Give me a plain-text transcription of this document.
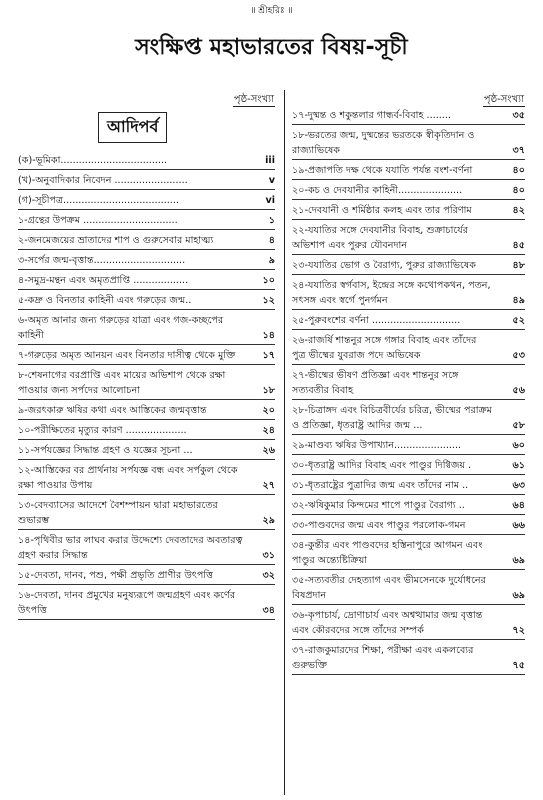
॥ শ্রীহরিঃ ॥
সংক্ষিপ্ত মহাভারতের বিষয়-সূচী
পৃষ্ঠ-সংখ্যা
আদিপর্ব
(ক)-ভূমিকা...................................	iii
(খ)-অনুবাদিকার নিবেদন ........................	v
(গ)-সূচীপত্র......................................	vi
১-গ্রন্থের উপক্রম ...............................	১
২-জনমেজয়ের ভ্রাতাদের শাপ ও গুরুসেবার মাহাত্ম্য	৪
৩-সর্পের জন্ম-বৃত্তান্ত..............................	৯
৪-সমুদ্র-মন্থন এবং অমৃতপ্রাপ্তি ..................	১০
৫-কদ্রু ও বিনতার কাহিনী এবং গরুড়ের জন্ম..	১২
৬-অমৃত আনার জন্য গরুড়ের যাত্রা এবং গজ-কচ্ছপের কাহিনী	১৪
৭-গরুড়ের অমৃত আনয়ন এবং বিনতার দাসীত্ব থেকে মুক্তি	১৭
৮-শেষনাগের বরপ্রাপ্তি এবং মায়ের অভিশাপ থেকে রক্ষা পাওয়ার জন্য সর্পদের আলোচনা	১৮
৯-জরৎকারু ঋষির কথা এবং আস্তিকের জন্মবৃত্তান্ত	২০
১০-পরীক্ষিতের মৃত্যুর কারণ ....................	২৪
১১-সর্পযজ্ঞের সিদ্ধান্ত গ্রহণ ও যজ্ঞের সূচনা ...	২৬
১২-আস্তিকের বর প্রার্থনায় সর্পযজ্ঞ বন্ধ এবং সর্পকুল থেকে রক্ষা পাওয়ার উপায়	২৭
১৩-বেদব্যাসের আদেশে বৈশম্পায়ন দ্বারা মহাভারতের শুভারম্ভ	২৯
১৪-পৃথিবীর ভার লাঘব করার উদ্দেশ্যে দেবতাদের অবতারত্ব গ্রহণ করার সিদ্ধান্ত	৩১
১৫-দেবতা, দানব, পশু, পক্ষী প্রভৃতি প্রাণীর উৎপত্তি	৩২
১৬-দেবতা, দানব প্রমুখের মনুষ্যরূপে জন্মগ্রহণ এবং কর্ণের উৎপত্তি	৩৪
পৃষ্ঠ-সংখ্যা
১৭-দুষ্মন্ত ও শকুন্তলার গান্ধর্ব-বিবাহ ........	৩৫
১৮-ভরতের জন্ম, দুষ্মন্তের ভরতকে স্বীকৃতিদান ও রাজ্যাভিষেক	৩৭
১৯-প্রজাপতি দক্ষ থেকে যযাতি পর্যন্ত বংশ-বর্ণনা	৪০
২০-কচ ও দেবযানীর কাহিনী.....................	৪০
২১-দেবযানী ও শর্মিষ্ঠার কলহ এবং তার পরিণাম	৪২
২২-যযাতির সঙ্গে দেবযানীর বিবাহ, শুক্রাচার্যের অভিশাপ এবং পুরুর যৌবনদান	৪৫
২৩-যযাতির ভোগ ও বৈরাগ্য, পুরুর রাজ্যাভিষেক	৪৮
২৪-যযাতির স্বর্গবাস, ইন্দ্রের সঙ্গে কথোপকথন, পতন, সৎসঙ্গ এবং স্বর্গে পুনর্গমন	৪৯
২৫-পুরুবংশের বর্ণনা .............................	৫২
২৬-রাজর্ষি শান্তনুর সঙ্গে গঙ্গার বিবাহ এবং তাঁদের পুত্র ভীষ্মের যুবরাজ পদে অভিষেক	৫৩
২৭-ভীষ্মের ভীষণ প্রতিজ্ঞা এবং শান্তনুর সঙ্গে সত্যবতীর বিবাহ	৫৬
২৮-চিত্রাঙ্গদ এবং বিচিত্রবীর্যের চরিত্র, ভীষ্মের পরাক্রম ও প্রতিজ্ঞা, ধৃতরাষ্ট্র আদির জন্ম ...	৫৮
২৯-মাণ্ডব্য ঋষির উপাখ্যান......................	৬০
৩০-ধৃতরাষ্ট্র আদির বিবাহ এবং পাণ্ডুর দিগ্বিজয় .	৬১
৩১-ধৃতরাষ্ট্রের পুত্রাদির জন্ম এবং তাঁদের নাম ..	৬৩
৩২-ঋষিকুমার কিন্দমের শাপে পাণ্ডুর বৈরাগ্য ..	৬৪
৩৩-পাণ্ডবদের জন্ম এবং পাণ্ডুর পরলোক-গমন	৬৬
৩৪-কুন্তীর এবং পাণ্ডবদের হস্তিনাপুরে আগমন এবং পাণ্ডুর অন্ত্যেষ্টিক্রিয়া	৬৯
৩৫-সত্যবতীর দেহত্যাগ এবং ভীমসেনকে দুর্যোধনের বিষপ্রদান	৬৯
৩৬-কৃপাচার্য, দ্রোণাচার্য এবং অশ্বত্থামার জন্ম বৃত্তান্ত এবং কৌরবদের সঙ্গে তাঁদের সম্পর্ক	৭২
৩৭-রাজকুমারদের শিক্ষা, পরীক্ষা এবং একলব্যের গুরুভক্তি	৭৫
